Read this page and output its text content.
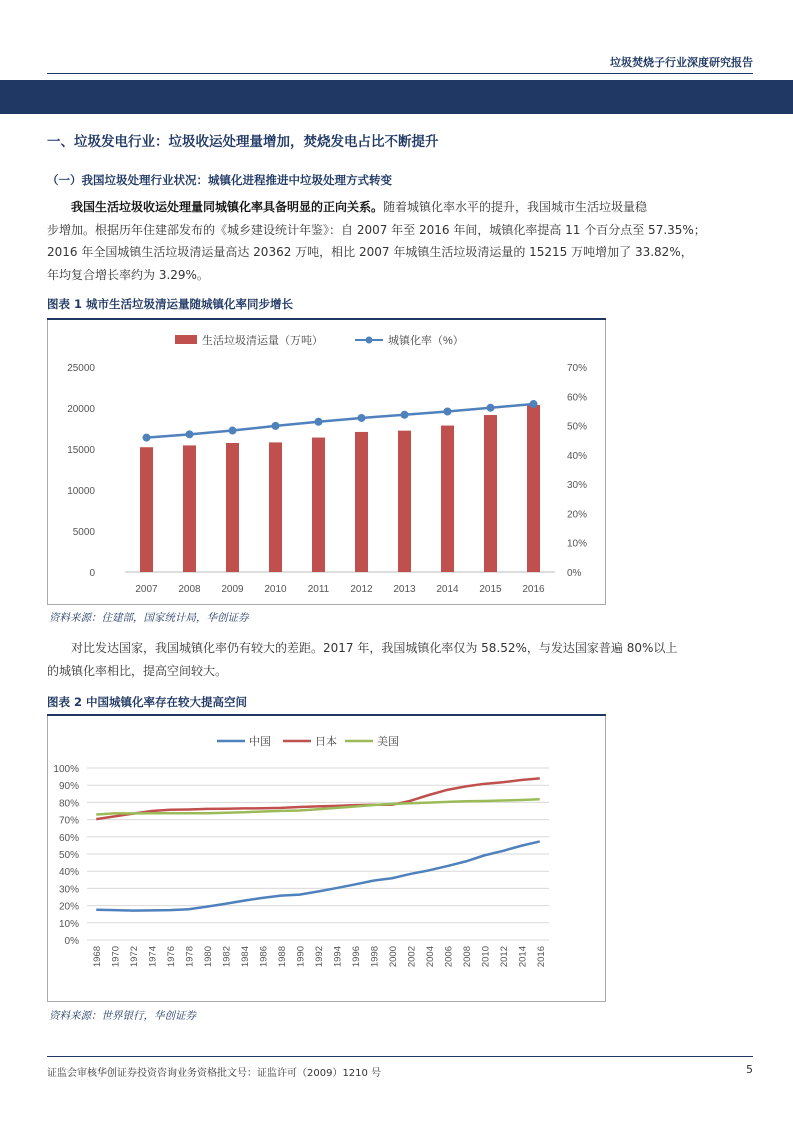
垃圾焚烧子行业深度研究报告
一、垃圾发电行业：垃圾收运处理量增加，焚烧发电占比不断提升
（一）我国垃圾处理行业状况：城镇化进程推进中垃圾处理方式转变
我国生活垃圾收运处理量同城镇化率具备明显的正向关系。随着城镇化率水平的提升，我国城市生活垃圾量稳
步增加。根据历年住建部发布的《城乡建设统计年鉴》：自 2007 年至 2016 年间，城镇化率提高 11 个百分点至 57.35%；
2016 年全国城镇生活垃圾清运量高达 20362 万吨，相比 2007 年城镇生活垃圾清运量的 15215 万吨增加了 33.82%，
年均复合增长率约为 3.29%。
图表 1 城市生活垃圾清运量随城镇化率同步增长
生活垃圾清运量（万吨）	城镇化率（%）
0
5000
10000
15000
20000
25000
0%
10%
20%
30%
40%
50%
60%
70%
2007 2008 2009 2010 2011 2012 2013 2014 2015 2016
资料来源：住建部，国家统计局，华创证券
对比发达国家，我国城镇化率仍有较大的差距。2017 年，我国城镇化率仅为 58.52%，与发达国家普遍 80%以上
的城镇化率相比，提高空间较大。
图表 2 中国城镇化率存在较大提高空间
中国	日本	美国
0%
10%
20%
30%
40%
50%
60%
70%
80%
90%
100%
1968 1970 1972 1974 1976 1978 1980 1982 1984 1986 1988 1990 1992 1994 1996 1998 2000 2002 2004 2006 2008 2010 2012 2014 2016
资料来源：世界银行，华创证券
证监会审核华创证券投资咨询业务资格批文号：证监许可（2009）1210 号	5
